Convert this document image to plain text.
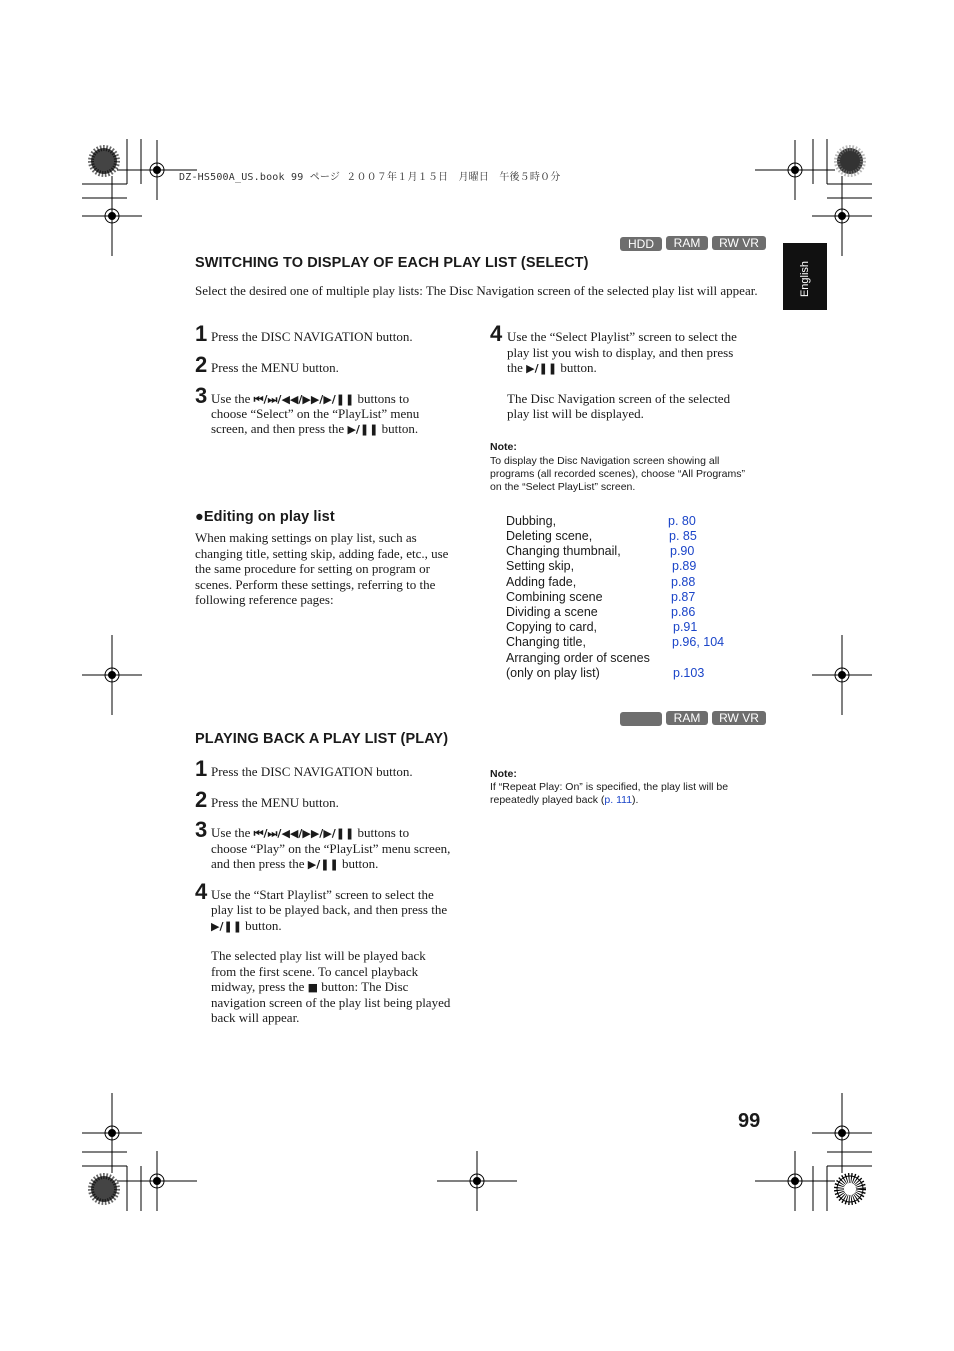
DZ-HS500A_US.book 99 ページ ２００７年１月１５日　月曜日　午後５時０分
English
HDD	RAM	RW VR
SWITCHING TO DISPLAY OF EACH PLAY LIST (SELECT)
Select the desired one of multiple play lists: The Disc Navigation screen of the selected play list will appear.
1 Press the DISC NAVIGATION button.
2 Press the MENU button.
3 Use the ⏮/⏭/◀◀/▶▶/▶/❚❚ buttons to
choose “Select” on the “PlayList” menu
screen, and then press the ▶/❚❚ button.
4 Use the “Select Playlist” screen to select the
play list you wish to display, and then press
the ▶/❚❚ button.
The Disc Navigation screen of the selected
play list will be displayed.
Note:
To display the Disc Navigation screen showing all
programs (all recorded scenes), choose “All Programs”
on the “Select PlayList” screen.
●Editing on play list
When making settings on play list, such as
changing title, setting skip, adding fade, etc., use
the same procedure for setting on program or
scenes. Perform these settings, referring to the
following reference pages:
Dubbing,	p. 80
Deleting scene,	p. 85
Changing thumbnail,	p.90
Setting skip,	p.89
Adding fade,	p.88
Combining scene	p.87
Dividing a scene	p.86
Copying to card,	p.91
Changing title,	p.96, 104
Arranging order of scenes
(only on play list)	p.103
RAM	RW VR
PLAYING BACK A PLAY LIST (PLAY)
1 Press the DISC NAVIGATION button.
2 Press the MENU button.
3 Use the ⏮/⏭/◀◀/▶▶/▶/❚❚ buttons to
choose “Play” on the “PlayList” menu screen,
and then press the ▶/❚❚ button.
4 Use the “Start Playlist” screen to select the
play list to be played back, and then press the
▶/❚❚ button.
The selected play list will be played back
from the first scene. To cancel playback
midway, press the ■ button: The Disc
navigation screen of the play list being played
back will appear.
Note:
If “Repeat Play: On” is specified, the play list will be
repeatedly played back (p. 111).
99
